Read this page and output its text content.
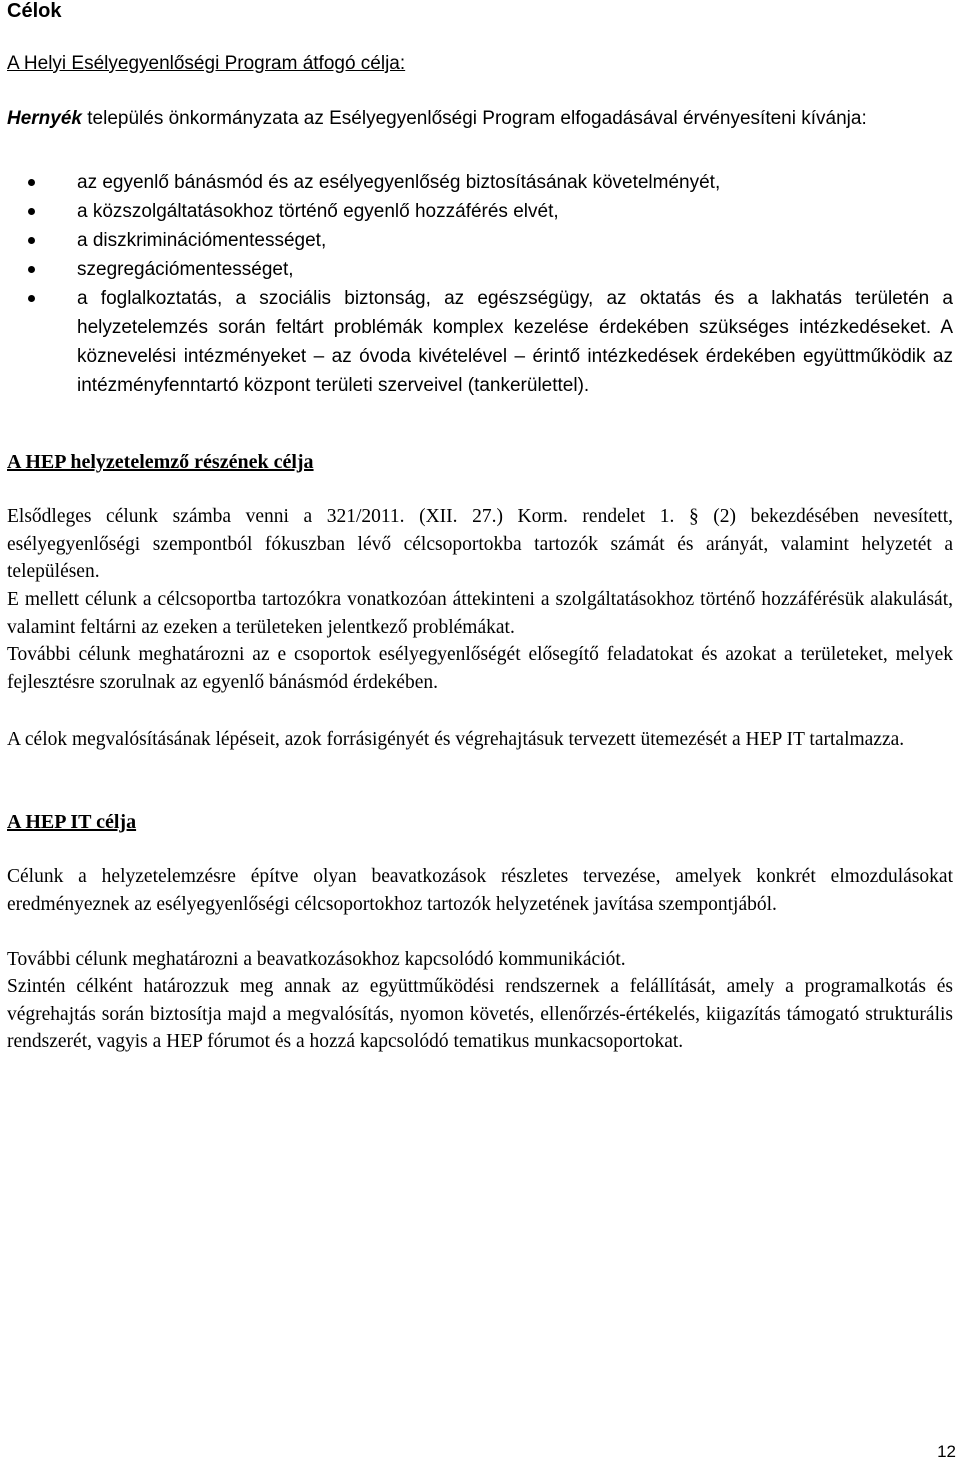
Célok
A Helyi Esélyegyenlőségi Program átfogó célja:
Hernyék település önkormányzata az Esélyegyenlőségi Program elfogadásával érvényesíteni kívánja:
az egyenlő bánásmód és az esélyegyenlőség biztosításának követelményét,
a közszolgáltatásokhoz történő egyenlő hozzáférés elvét,
a diszkriminációmentességet,
szegregációmentességet,
a foglalkoztatás, a szociális biztonság, az egészségügy, az oktatás és a lakhatás területén a helyzetelemzés során feltárt problémák komplex kezelése érdekében szükséges intézkedéseket. A köznevelési intézményeket – az óvoda kivételével – érintő intézkedések érdekében együttműködik az intézményfenntartó központ területi szerveivel (tankerülettel).
A HEP helyzetelemző részének célja
Elsődleges célunk számba venni a 321/2011. (XII. 27.) Korm. rendelet 1. § (2) bekezdésében nevesített, esélyegyenlőségi szempontból fókuszban lévő célcsoportokba tartozók számát és arányát, valamint helyzetét a településen.
E mellett célunk a célcsoportba tartozókra vonatkozóan áttekinteni a szolgáltatásokhoz történő hozzáférésük alakulását, valamint feltárni az ezeken a területeken jelentkező problémákat.
További célunk meghatározni az e csoportok esélyegyenlőségét elősegítő feladatokat és azokat a területeket, melyek fejlesztésre szorulnak az egyenlő bánásmód érdekében.
A célok megvalósításának lépéseit, azok forrásigényét és végrehajtásuk tervezett ütemezését a HEP IT tartalmazza.
A HEP IT célja
Célunk a helyzetelemzésre építve olyan beavatkozások részletes tervezése, amelyek konkrét elmozdulásokat eredményeznek az esélyegyenlőségi célcsoportokhoz tartozók helyzetének javítása szempontjából.
További célunk meghatározni a beavatkozásokhoz kapcsolódó kommunikációt.
Szintén célként határozzuk meg annak az együttműködési rendszernek a felállítását, amely a programalkotás és végrehajtás során biztosítja majd a megvalósítás, nyomon követés, ellenőrzés-értékelés, kiigazítás támogató strukturális rendszerét, vagyis a HEP fórumot és a hozzá kapcsolódó tematikus munkacsoportokat.
12
